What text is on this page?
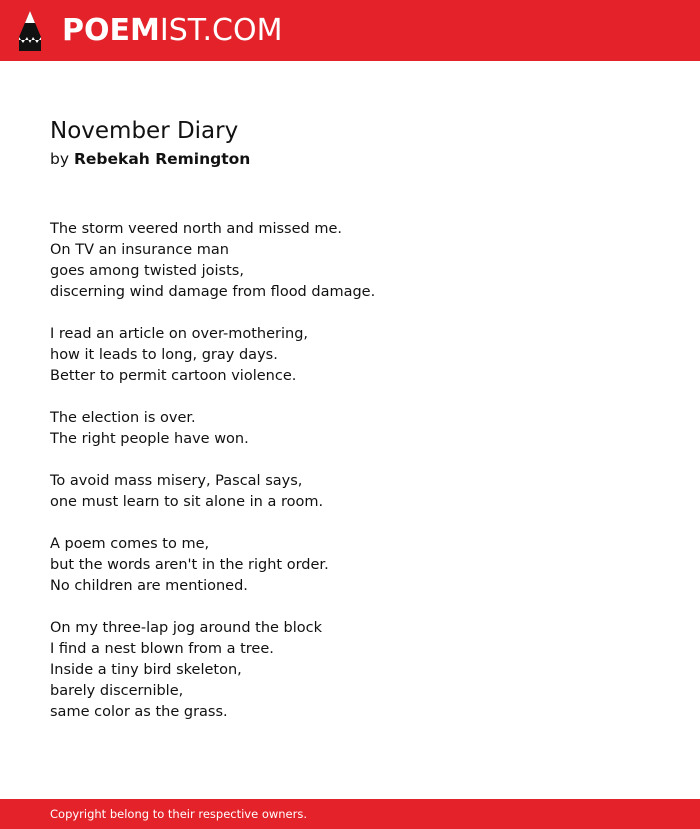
POEMIST.COM
November Diary
by Rebekah Remington
The storm veered north and missed me.
On TV an insurance man
goes among twisted joists,
discerning wind damage from flood damage.
I read an article on over-mothering,
how it leads to long, gray days.
Better to permit cartoon violence.
The election is over.
The right people have won.
To avoid mass misery, Pascal says,
one must learn to sit alone in a room.
A poem comes to me,
but the words aren't in the right order.
No children are mentioned.
On my three-lap jog around the block
I find a nest blown from a tree.
Inside a tiny bird skeleton,
barely discernible,
same color as the grass.
Copyright belong to their respective owners.
